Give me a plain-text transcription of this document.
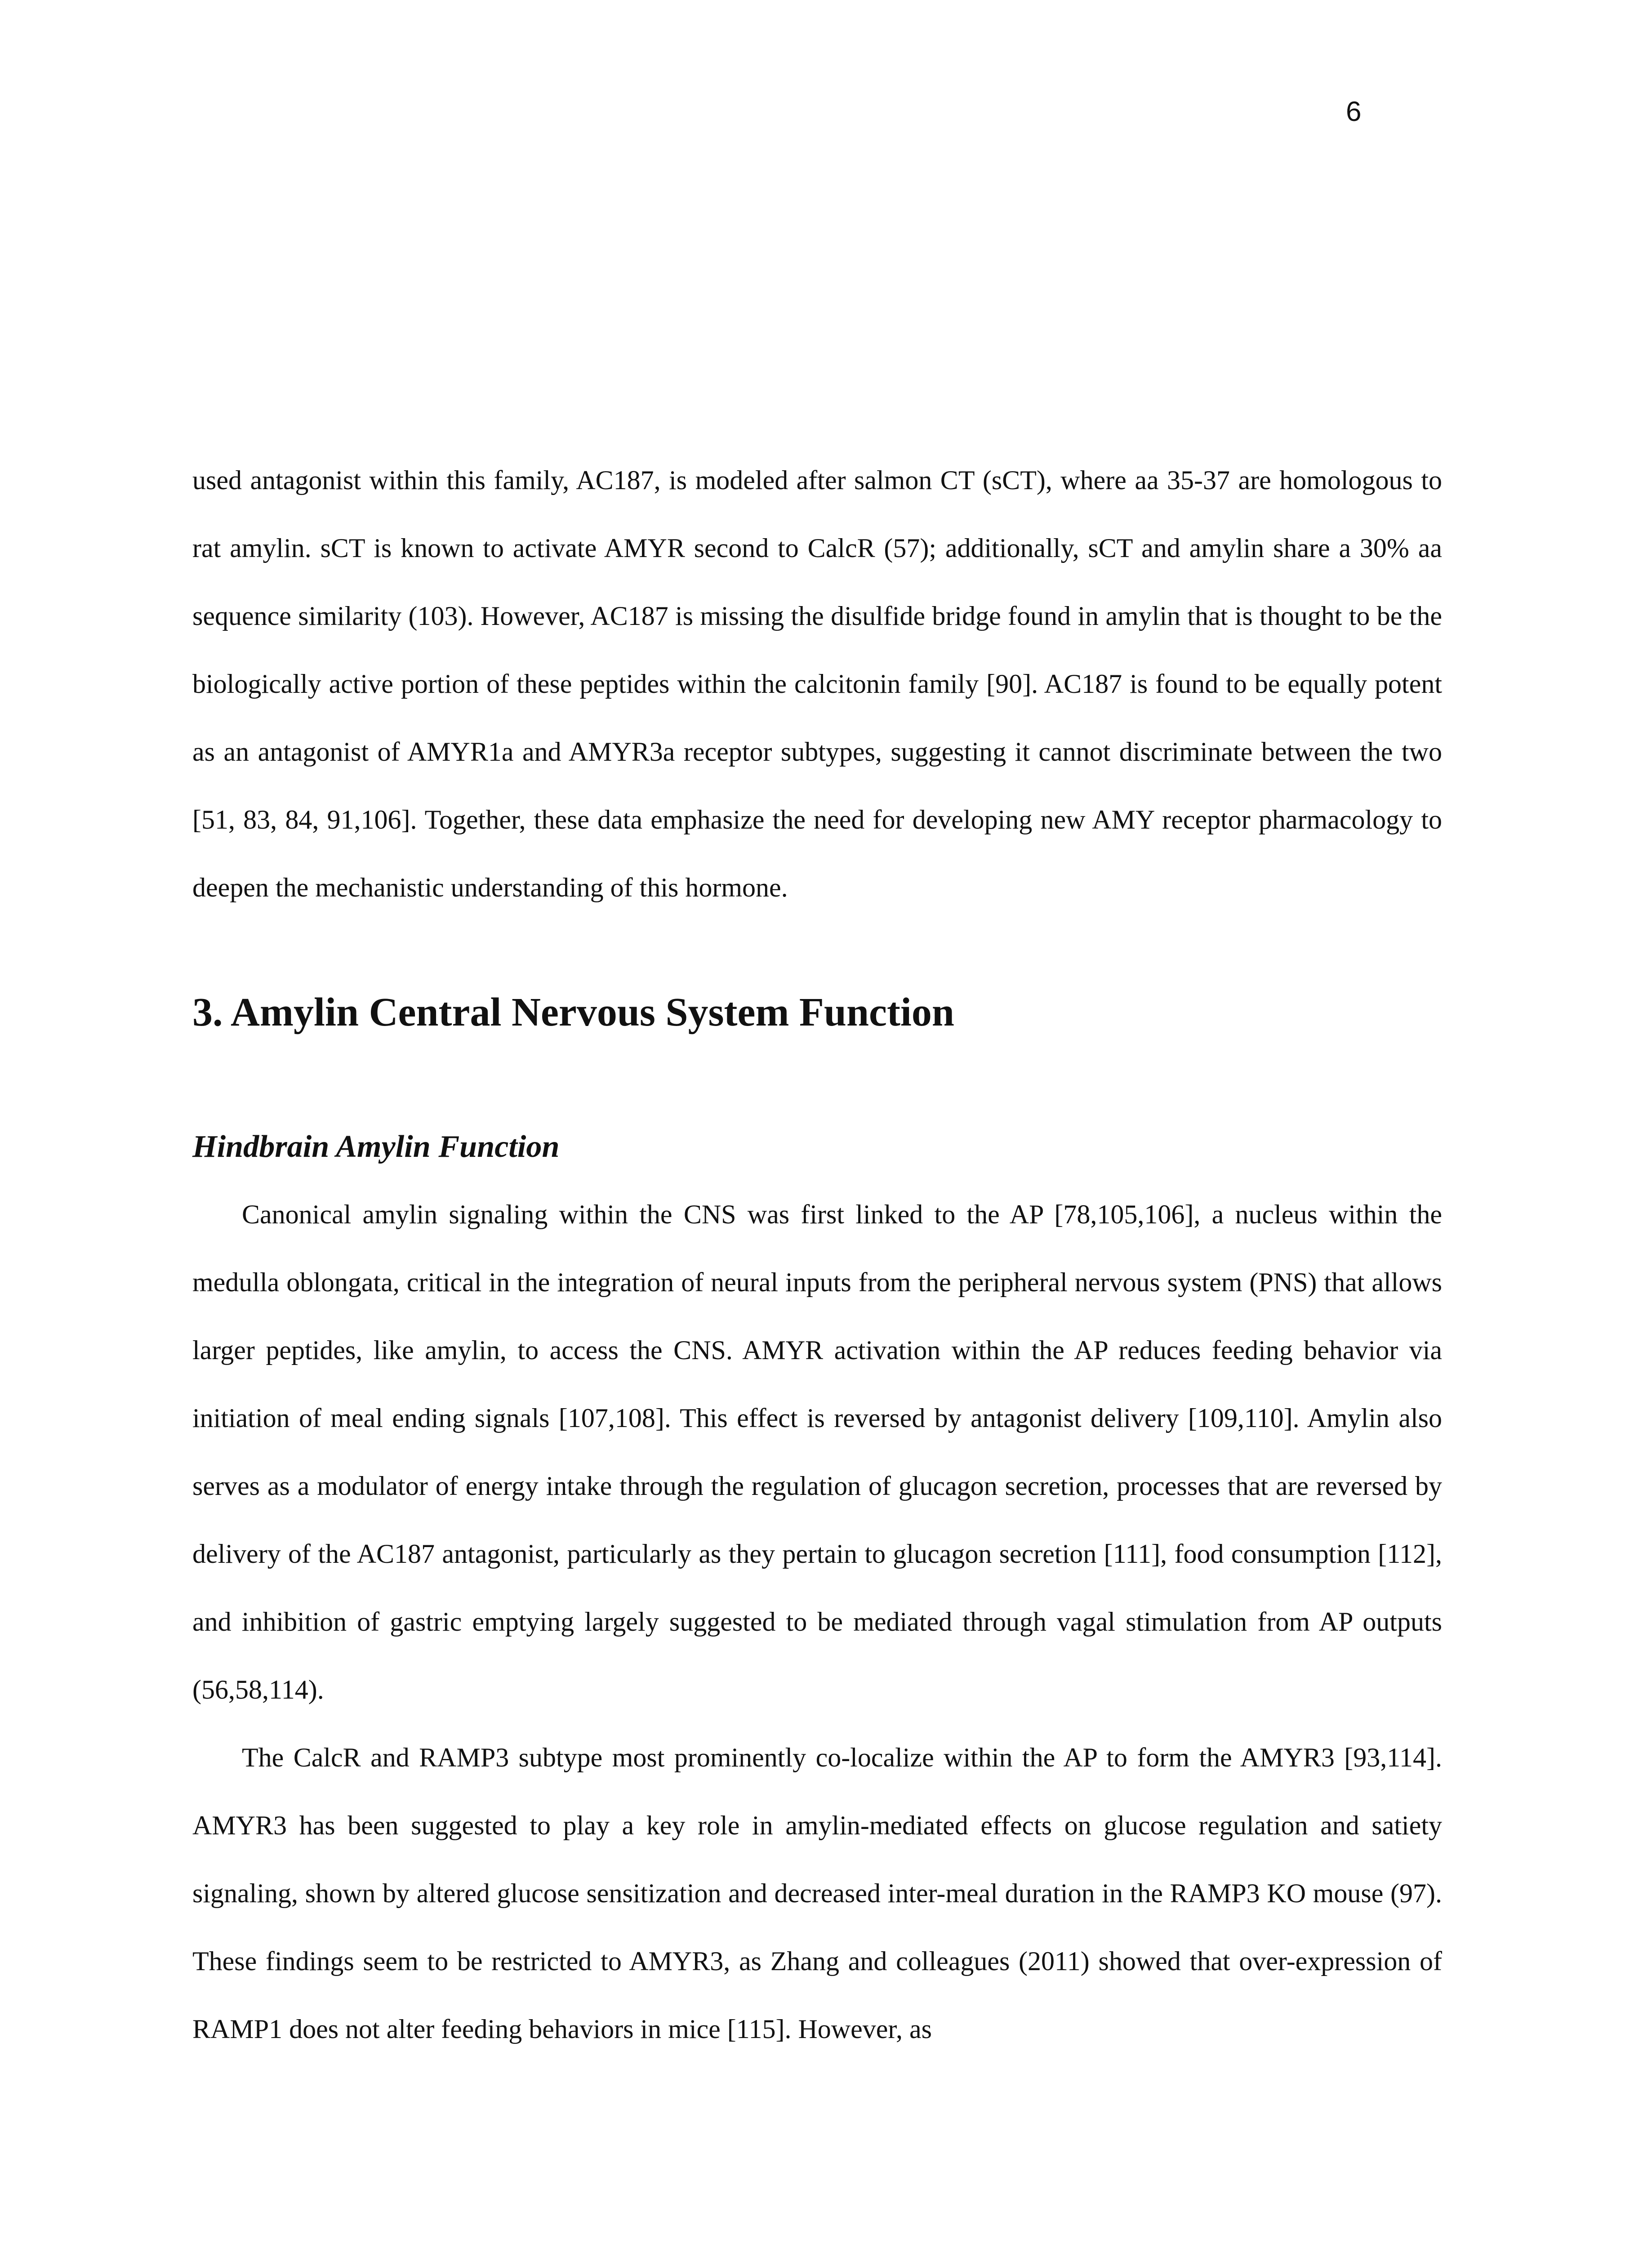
6

used antagonist within this family, AC187, is modeled after salmon CT (sCT), where aa 35-37 are homologous to rat amylin. sCT is known to activate AMYR second to CalcR (57); additionally, sCT and amylin share a 30% aa sequence similarity (103). However, AC187 is missing the disulfide bridge found in amylin that is thought to be the biologically active portion of these peptides within the calcitonin family [90]. AC187 is found to be equally potent as an antagonist of AMYR1a and AMYR3a receptor subtypes, suggesting it cannot discriminate between the two [51, 83, 84, 91,106]. Together, these data emphasize the need for developing new AMY receptor pharmacology to deepen the mechanistic understanding of this hormone.

3. Amylin Central Nervous System Function
Hindbrain Amylin Function

Canonical amylin signaling within the CNS was first linked to the AP [78,105,106], a nucleus within the medulla oblongata, critical in the integration of neural inputs from the peripheral nervous system (PNS) that allows larger peptides, like amylin, to access the CNS. AMYR activation within the AP reduces feeding behavior via initiation of meal ending signals [107,108]. This effect is reversed by antagonist delivery [109,110]. Amylin also serves as a modulator of energy intake through the regulation of glucagon secretion, processes that are reversed by delivery of the AC187 antagonist, particularly as they pertain to glucagon secretion [111], food consumption [112], and inhibition of gastric emptying largely suggested to be mediated through vagal stimulation from AP outputs (56,58,114).

The CalcR and RAMP3 subtype most prominently co-localize within the AP to form the AMYR3 [93,114]. AMYR3 has been suggested to play a key role in amylin-mediated effects on glucose regulation and satiety signaling, shown by altered glucose sensitization and decreased inter-meal duration in the RAMP3 KO mouse (97). These findings seem to be restricted to AMYR3, as Zhang and colleagues (2011) showed that over-expression of RAMP1 does not alter feeding behaviors in mice [115]. However, as
